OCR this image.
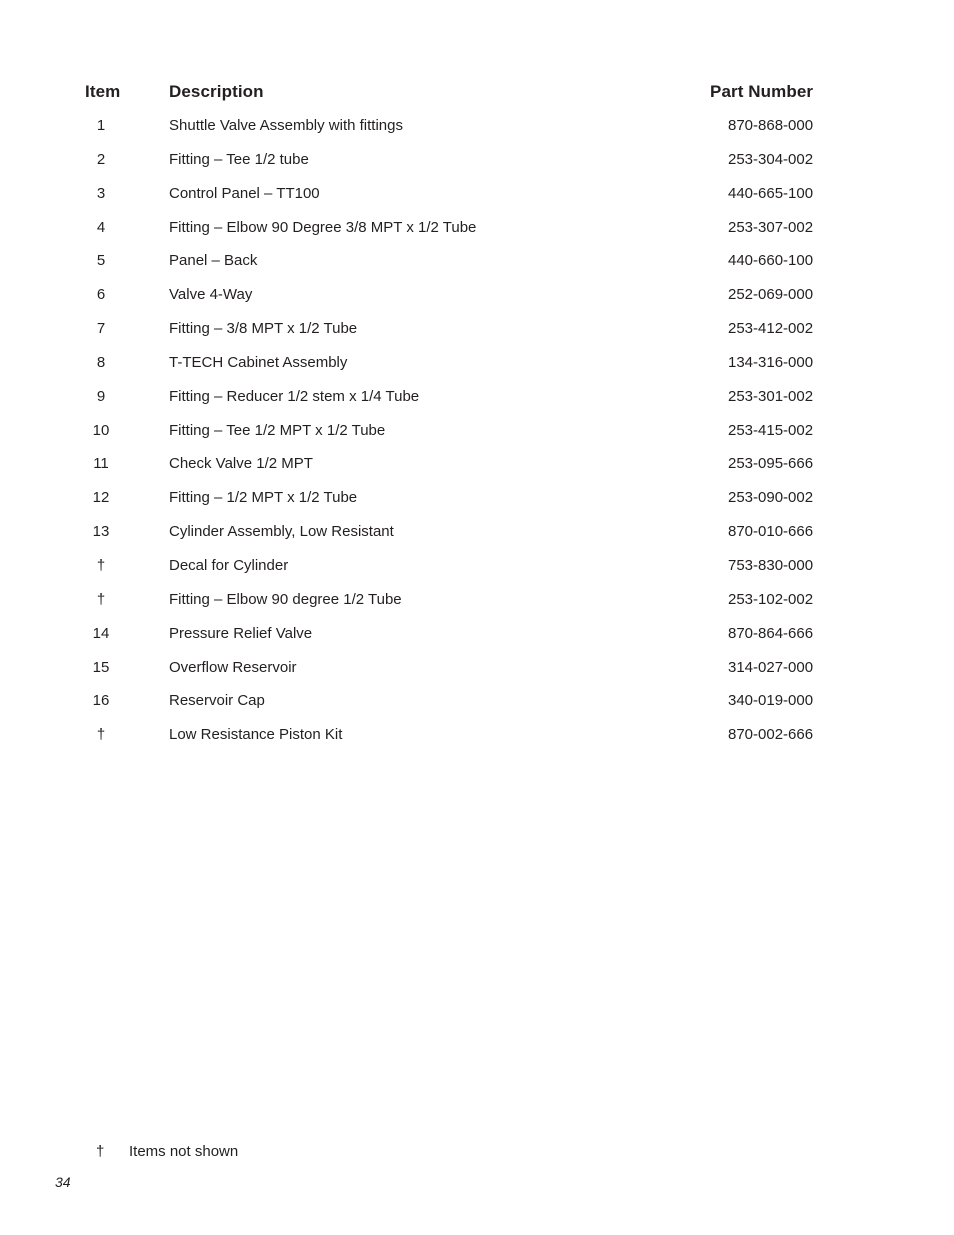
Item	Description	Part Number
1	Shuttle Valve Assembly with fittings	870-868-000
2	Fitting – Tee 1/2 tube	253-304-002
3	Control Panel – TT100	440-665-100
4	Fitting – Elbow 90 Degree 3/8 MPT x 1/2 Tube	253-307-002
5	Panel – Back	440-660-100
6	Valve 4-Way	252-069-000
7	Fitting – 3/8 MPT x 1/2 Tube	253-412-002
8	T-TECH Cabinet Assembly	134-316-000
9	Fitting – Reducer 1/2 stem x 1/4 Tube	253-301-002
10	Fitting – Tee 1/2 MPT x 1/2 Tube	253-415-002
11	Check Valve 1/2 MPT	253-095-666
12	Fitting – 1/2 MPT x 1/2 Tube	253-090-002
13	Cylinder Assembly, Low Resistant	870-010-666
†	Decal for Cylinder	753-830-000
†	Fitting – Elbow 90 degree 1/2 Tube	253-102-002
14	Pressure Relief Valve	870-864-666
15	Overflow Reservoir	314-027-000
16	Reservoir Cap	340-019-000
†	Low Resistance Piston Kit	870-002-666
† Items not shown
34
